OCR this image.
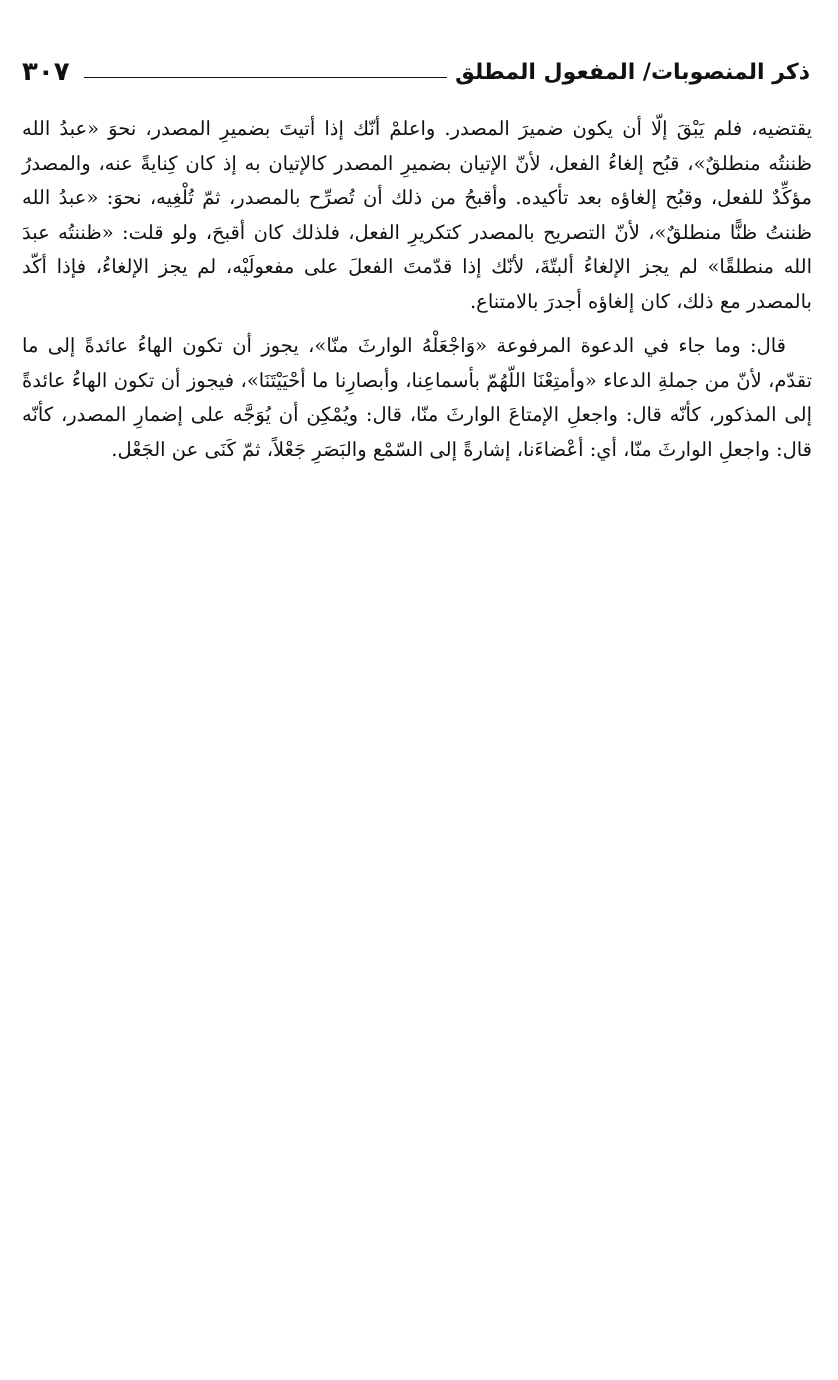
ذكر المنصوبات/ المفعول المطلق
٣٠٧

يقتضيه، فلم يَبْقَ إلّا أن يكون ضميرَ المصدر. واعلمْ أنّك إذا أتيتَ بضميرِ المصدر، نحوَ «عبدُ الله ظننتُه منطلقٌ»، قبُح إلغاءُ الفعل، لأنّ الإتيان بضميرِ المصدر كالإتيان به إذ كان كِنايةً عنه، والمصدرُ مؤكِّدٌ للفعل، وقبُح إلغاؤه بعد تأكيده. وأقبحُ من ذلك أن تُصرِّح بالمصدر، ثمّ تُلْغِيه، نحوَ: «عبدُ الله ظننتُ ظنًّا منطلقٌ»، لأنّ التصريح بالمصدر كتكريرِ الفعل، فلذلك كان أقبحَ، ولو قلت: «ظننتُه عبدَ الله منطلقًا» لم يجز الإلغاءُ ألبتّةَ، لأنّك إذا قدّمتَ الفعلَ على مفعولَيْه، لم يجز الإلغاءُ، فإذا أكّد بالمصدر مع ذلك، كان إلغاؤه أجدرَ بالامتناع.

قال: وما جاء في الدعوة المرفوعة «وَاجْعَلْهُ الوارثَ منّا»، يجوز أن تكون الهاءُ عائدةً إلى ما تقدّم، لأنّ من جملةِ الدعاء «وأمتِعْنَا اللّهُمّ بأسماعِنا، وأبصارِنا ما أحْيَيْتَنَا»، فيجوز أن تكون الهاءُ عائدةً إلى المذكور، كأنّه قال: واجعلِ الإمتاعَ الوارثَ منّا، قال: ويُمْكِن أن يُوَجَّه على إضمارِ المصدر، كأنّه قال: واجعلِ الوارثَ منّا، أي: أعْضاءَنا، إشارةً إلى السّمْع والبَصَرِ جَعْلاً، ثمّ كَنَى عن الجَعْل.
